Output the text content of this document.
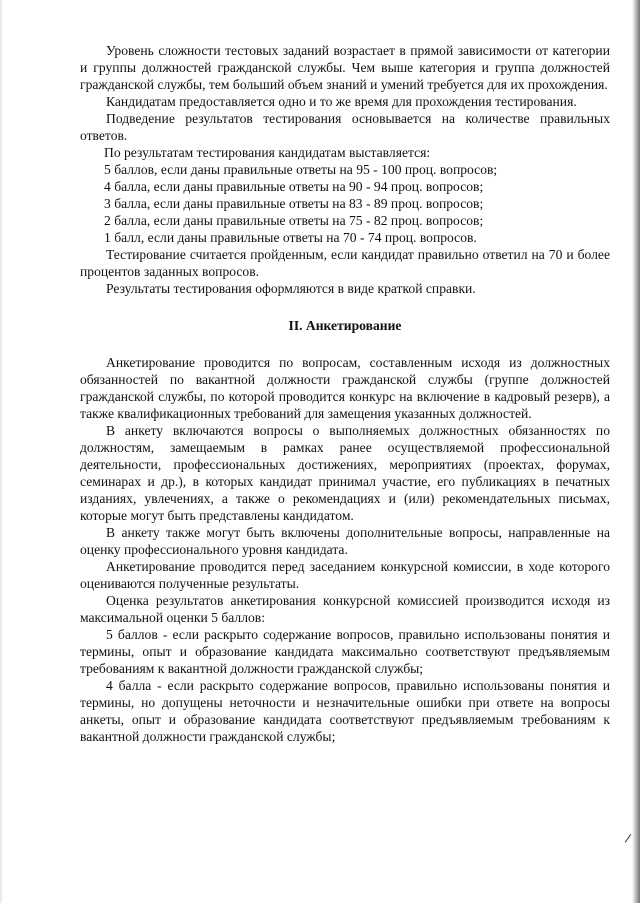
Уровень сложности тестовых заданий возрастает в прямой зависимости от категории и группы должностей гражданской службы. Чем выше категория и группа должностей гражданской службы, тем больший объем знаний и умений требуется для их прохождения.

Кандидатам предоставляется одно и то же время для прохождения тестирования.

Подведение результатов тестирования основывается на количестве правильных ответов.

По результатам тестирования кандидатам выставляется:

5 баллов, если даны правильные ответы на 95 - 100 проц. вопросов;

4 балла, если даны правильные ответы на 90 - 94 проц. вопросов;

3 балла, если даны правильные ответы на 83 - 89 проц. вопросов;

2 балла, если даны правильные ответы на 75 - 82 проц. вопросов;

1 балл, если даны правильные ответы на 70 - 74 проц. вопросов.

Тестирование считается пройденным, если кандидат правильно ответил на 70 и более процентов заданных вопросов.

Результаты тестирования оформляются в виде краткой справки.

II. Анкетирование

Анкетирование проводится по вопросам, составленным исходя из должностных обязанностей по вакантной должности гражданской службы (группе должностей гражданской службы, по которой проводится конкурс на включение в кадровый резерв), а также квалификационных требований для замещения указанных должностей.

В анкету включаются вопросы о выполняемых должностных обязанностях по должностям, замещаемым в рамках ранее осуществляемой профессиональной деятельности, профессиональных достижениях, мероприятиях (проектах, форумах, семинарах и др.), в которых кандидат принимал участие, его публикациях в печатных изданиях, увлечениях, а также о рекомендациях и (или) рекомендательных письмах, которые могут быть представлены кандидатом.

В анкету также могут быть включены дополнительные вопросы, направленные на оценку профессионального уровня кандидата.

Анкетирование проводится перед заседанием конкурсной комиссии, в ходе которого оцениваются полученные результаты.

Оценка результатов анкетирования конкурсной комиссией производится исходя из максимальной оценки 5 баллов:

5 баллов - если раскрыто содержание вопросов, правильно использованы понятия и термины, опыт и образование кандидата максимально соответствуют предъявляемым требованиям к вакантной должности гражданской службы;

4 балла - если раскрыто содержание вопросов, правильно использованы понятия и термины, но допущены неточности и незначительные ошибки при ответе на вопросы анкеты, опыт и образование кандидата соответствуют предъявляемым требованиям к вакантной должности гражданской службы;
